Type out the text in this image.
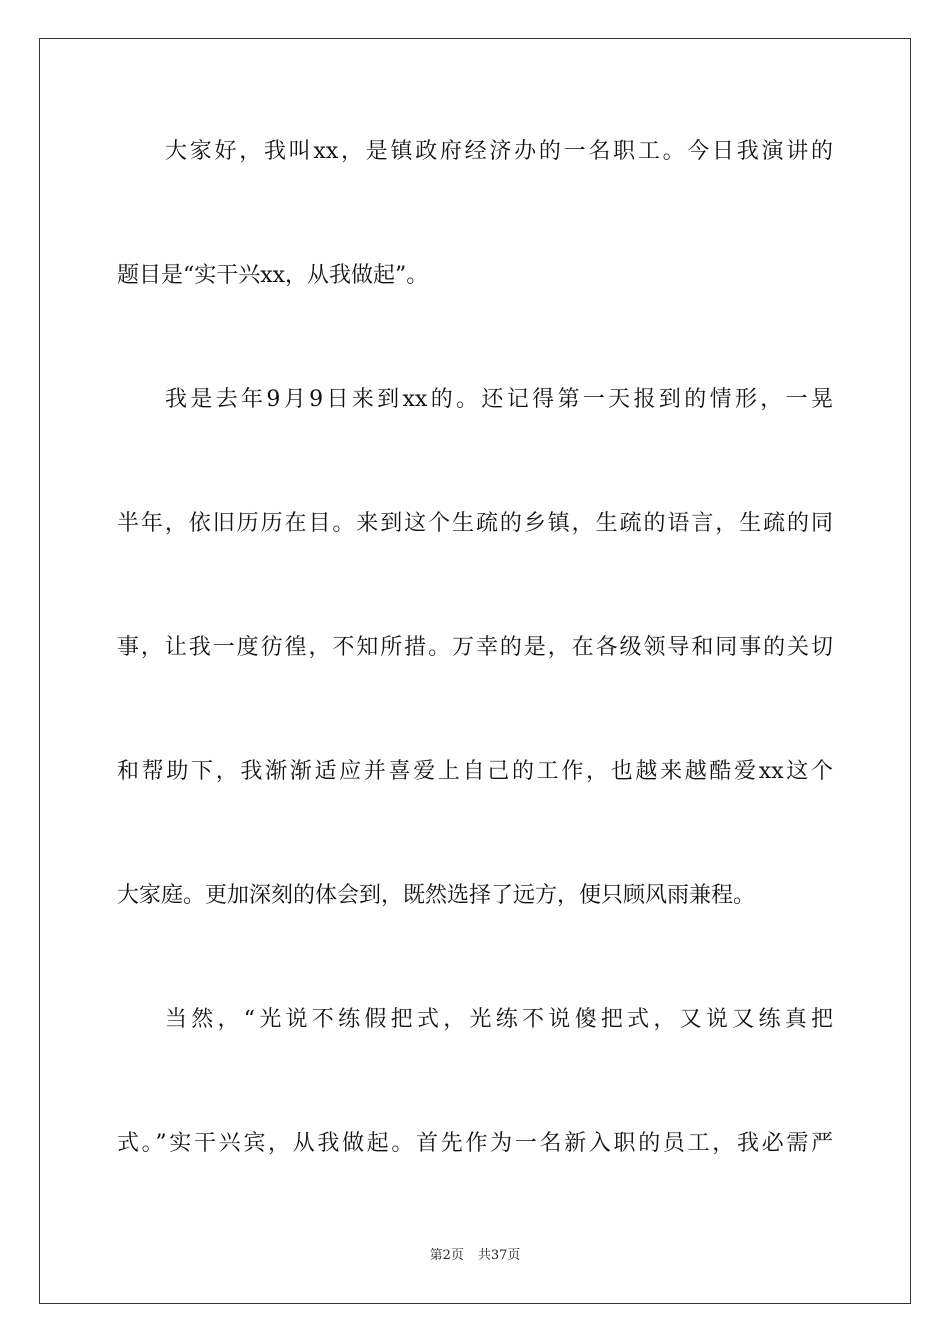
大家好，我叫xx，是镇政府经济办的一名职工。今日我演讲的
题目是“实干兴xx，从我做起”。
我是去年9月9日来到xx的。还记得第一天报到的情形，一晃
半年，依旧历历在目。来到这个生疏的乡镇，生疏的语言，生疏的同
事，让我一度彷徨，不知所措。万幸的是，在各级领导和同事的关切
和帮助下，我渐渐适应并喜爱上自己的工作，也越来越酷爱xx这个
大家庭。更加深刻的体会到，既然选择了远方，便只顾风雨兼程。
当然，“光说不练假把式，光练不说傻把式，又说又练真把
式。”实干兴宾，从我做起。首先作为一名新入职的员工，我必需严
第2页 共37页
